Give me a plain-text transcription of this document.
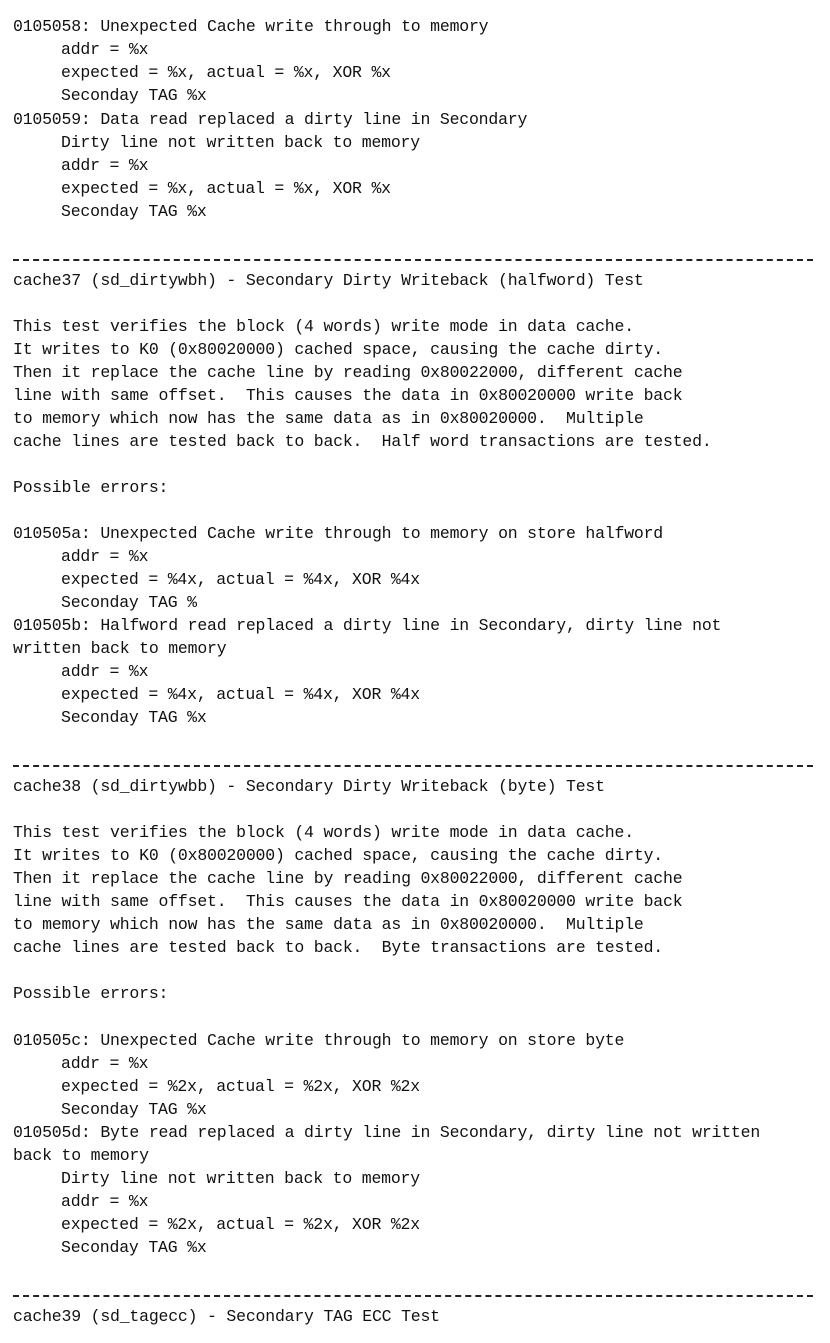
0105058: Unexpected Cache write through to memory
addr = %x
expected = %x, actual = %x, XOR %x
Seconday TAG %x
0105059: Data read replaced a dirty line in Secondary
Dirty line not written back to memory
addr = %x
expected = %x, actual = %x, XOR %x
Seconday TAG %x
cache37 (sd_dirtywbh) - Secondary Dirty Writeback (halfword) Test
This test verifies the block (4 words) write mode in data cache.
It writes to K0 (0x80020000) cached space, causing the cache dirty.
Then it replace the cache line by reading 0x80022000, different cache
line with same offset.  This causes the data in 0x80020000 write back
to memory which now has the same data as in 0x80020000.  Multiple
cache lines are tested back to back.  Half word transactions are tested.
Possible errors:
010505a: Unexpected Cache write through to memory on store halfword
addr = %x
expected = %4x, actual = %4x, XOR %4x
Seconday TAG %
010505b: Halfword read replaced a dirty line in Secondary, dirty line not
written back to memory
addr = %x
expected = %4x, actual = %4x, XOR %4x
Seconday TAG %x
cache38 (sd_dirtywbb) - Secondary Dirty Writeback (byte) Test
This test verifies the block (4 words) write mode in data cache.
It writes to K0 (0x80020000) cached space, causing the cache dirty.
Then it replace the cache line by reading 0x80022000, different cache
line with same offset.  This causes the data in 0x80020000 write back
to memory which now has the same data as in 0x80020000.  Multiple
cache lines are tested back to back.  Byte transactions are tested.
Possible errors:
010505c: Unexpected Cache write through to memory on store byte
addr = %x
expected = %2x, actual = %2x, XOR %2x
Seconday TAG %x
010505d: Byte read replaced a dirty line in Secondary, dirty line not written
back to memory
Dirty line not written back to memory
addr = %x
expected = %2x, actual = %2x, XOR %2x
Seconday TAG %x
cache39 (sd_tagecc) - Secondary TAG ECC Test
